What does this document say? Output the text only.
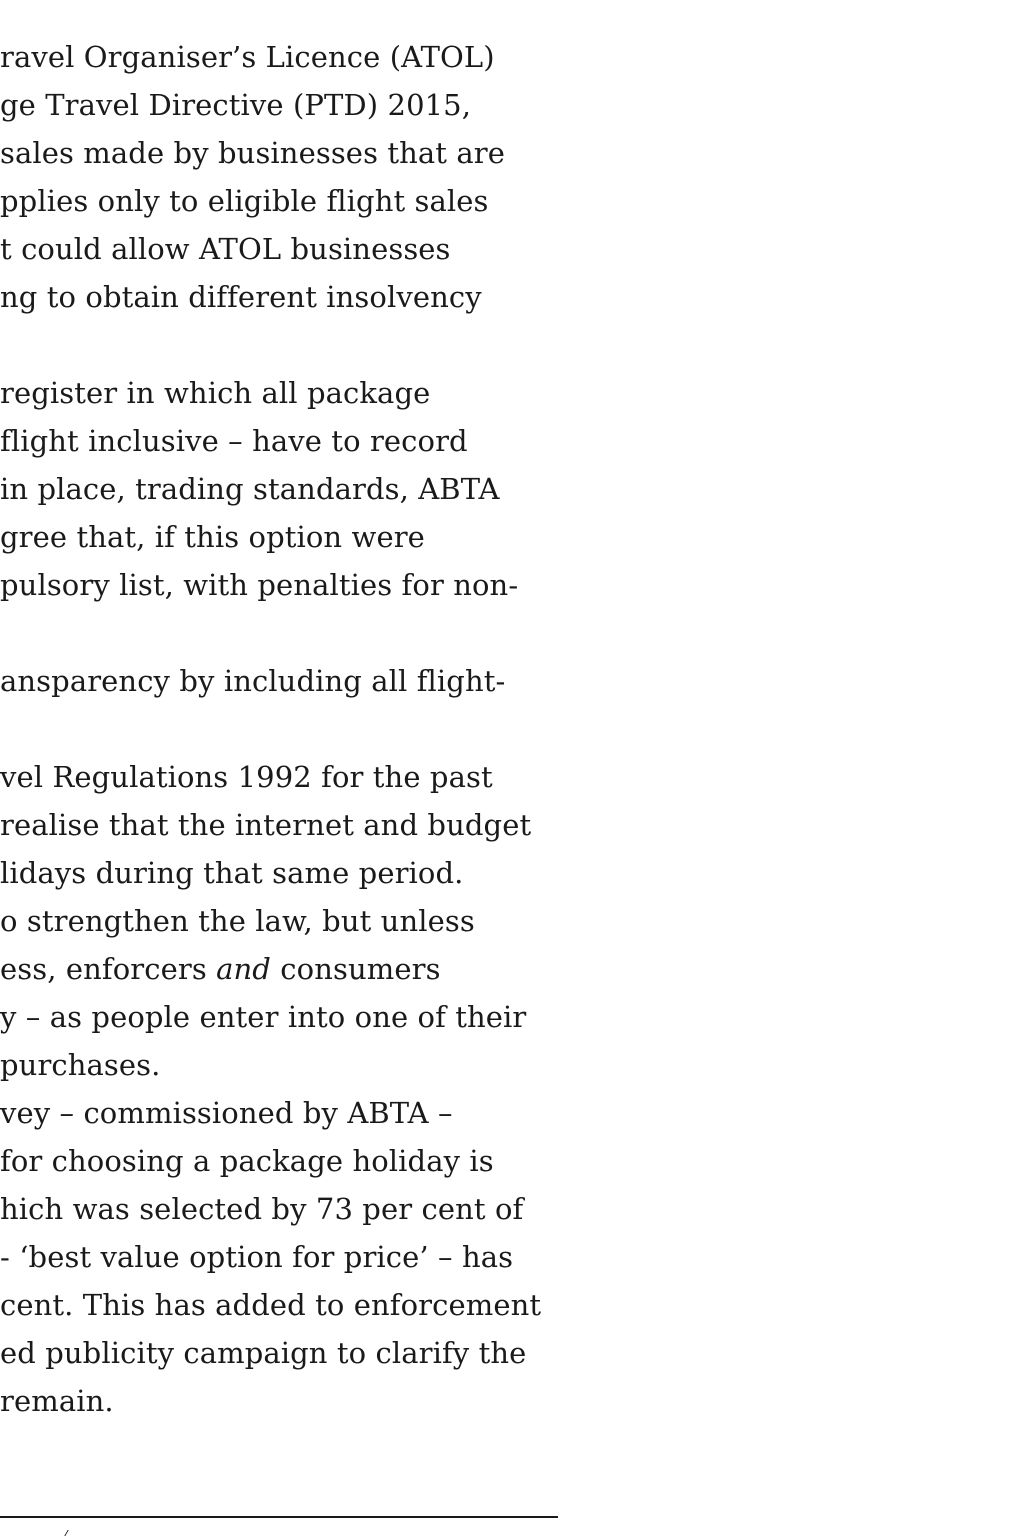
ravel Organiser’s Licence (ATOL)
ge Travel Directive (PTD) 2015,
sales made by businesses that are
pplies only to eligible flight sales
t could allow ATOL businesses
ng to obtain different insolvency
register in which all package
flight inclusive – have to record
in place, trading standards, ABTA
gree that, if this option were
pulsory list, with penalties for non-
ansparency by including all flight-
vel Regulations 1992 for the past
realise that the internet and budget
lidays during that same period.
o strengthen the law, but unless
ess, enforcers and consumers
y – as people enter into one of their
purchases.
vey – commissioned by ABTA –
for choosing a package holiday is
hich was selected by 73 per cent of
- ‘best value option for price’ – has
cent. This has added to enforcement
ed publicity campaign to clarify the
remain.
